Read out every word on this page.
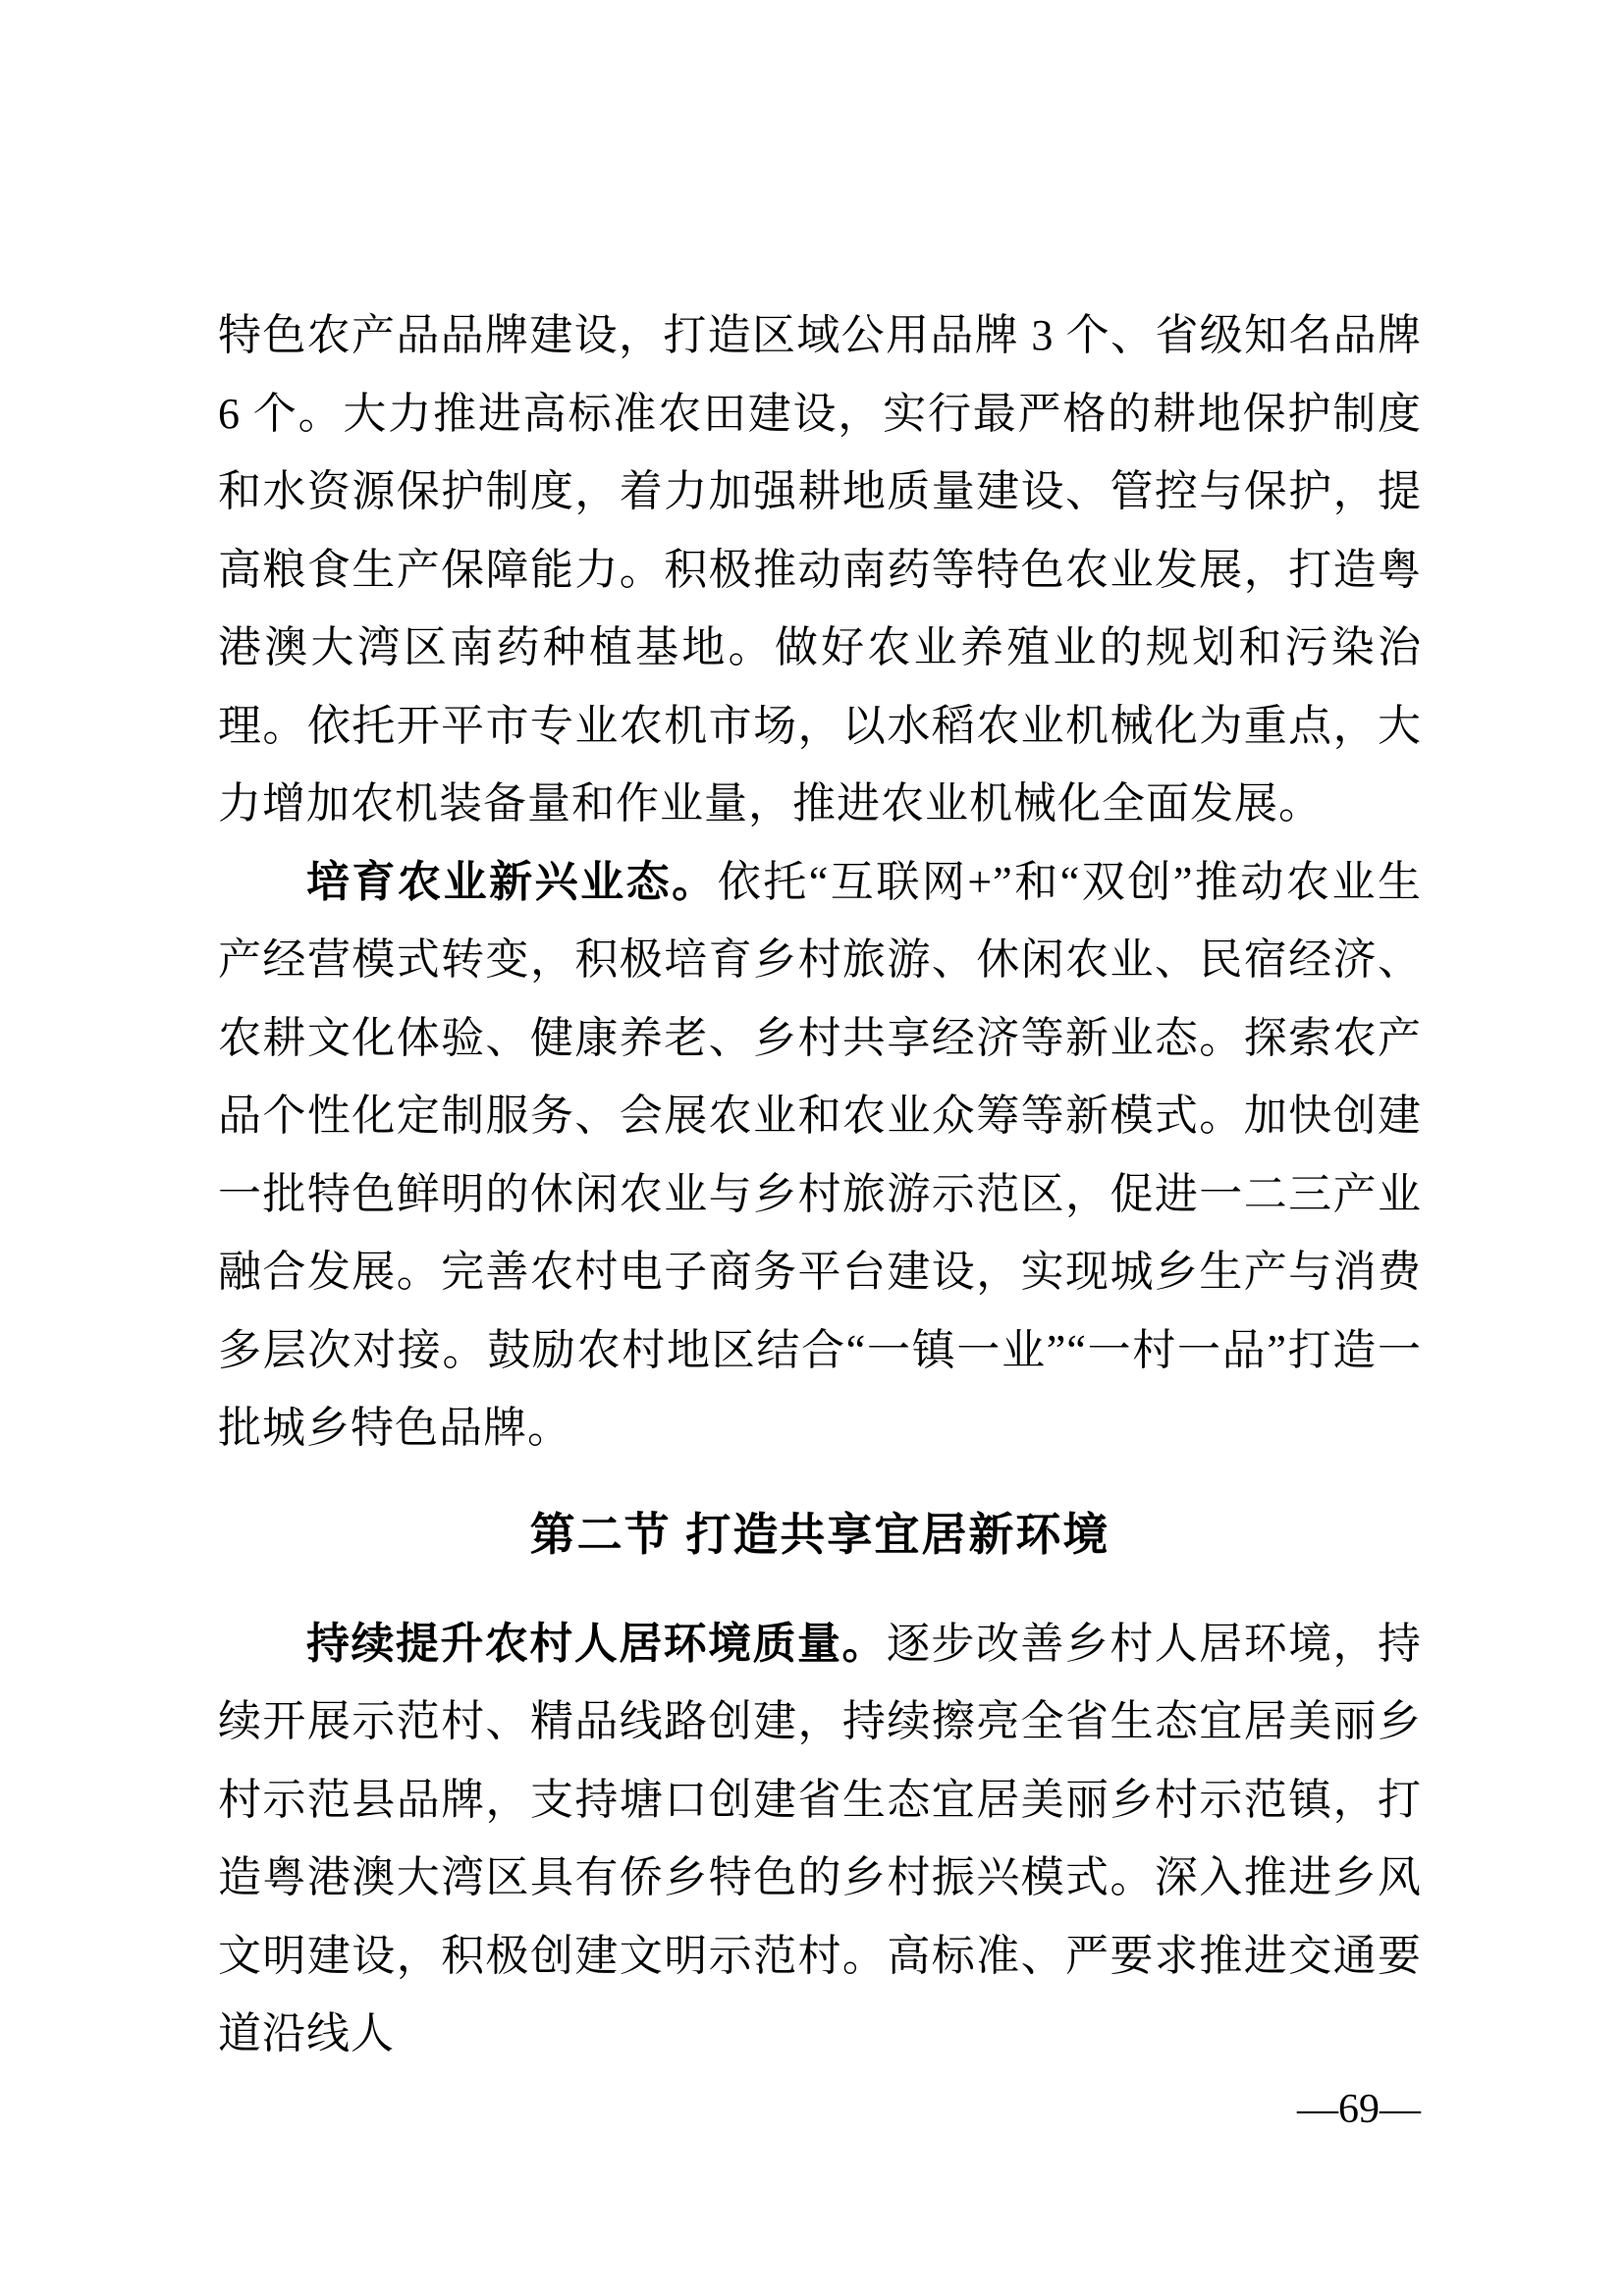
特色农产品品牌建设，打造区域公用品牌 3 个、省级知名品牌 6 个。大力推进高标准农田建设，实行最严格的耕地保护制度和水资源保护制度，着力加强耕地质量建设、管控与保护，提高粮食生产保障能力。积极推动南药等特色农业发展，打造粤港澳大湾区南药种植基地。做好农业养殖业的规划和污染治理。依托开平市专业农机市场，以水稻农业机械化为重点，大力增加农机装备量和作业量，推进农业机械化全面发展。

培育农业新兴业态。依托“互联网+”和“双创”推动农业生产经营模式转变，积极培育乡村旅游、休闲农业、民宿经济、农耕文化体验、健康养老、乡村共享经济等新业态。探索农产品个性化定制服务、会展农业和农业众筹等新模式。加快创建一批特色鲜明的休闲农业与乡村旅游示范区，促进一二三产业融合发展。完善农村电子商务平台建设，实现城乡生产与消费多层次对接。鼓励农村地区结合“一镇一业”“一村一品”打造一批城乡特色品牌。

第二节 打造共享宜居新环境

持续提升农村人居环境质量。逐步改善乡村人居环境，持续开展示范村、精品线路创建，持续擦亮全省生态宜居美丽乡村示范县品牌，支持塘口创建省生态宜居美丽乡村示范镇，打造粤港澳大湾区具有侨乡特色的乡村振兴模式。深入推进乡风文明建设，积极创建文明示范村。高标准、严要求推进交通要道沿线人

—69—
